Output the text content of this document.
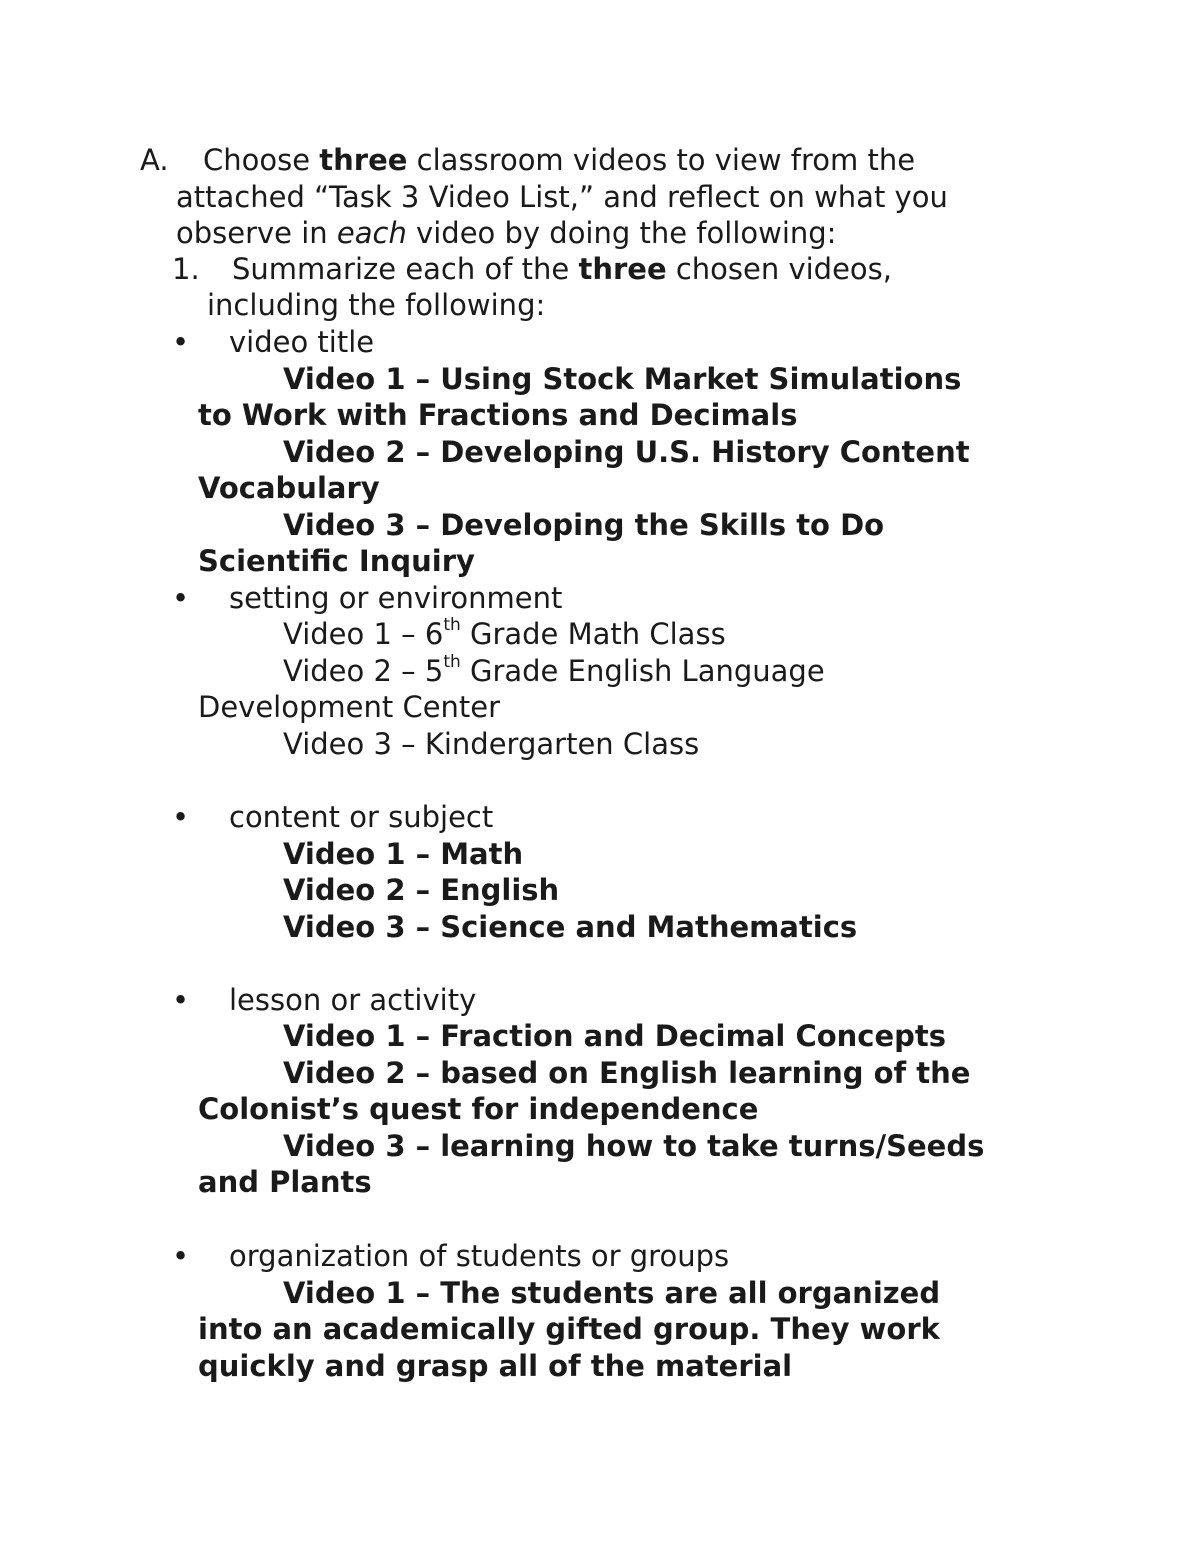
A. Choose three classroom videos to view from the
attached “Task 3 Video List,” and reflect on what you
observe in each video by doing the following:
1. Summarize each of the three chosen videos,
including the following:
• video title
Video 1 – Using Stock Market Simulations
to Work with Fractions and Decimals
Video 2 – Developing U.S. History Content
Vocabulary
Video 3 – Developing the Skills to Do
Scientific Inquiry
• setting or environment
Video 1 – 6th Grade Math Class
Video 2 – 5th Grade English Language
Development Center
Video 3 – Kindergarten Class
• content or subject
Video 1 – Math
Video 2 – English
Video 3 – Science and Mathematics
• lesson or activity
Video 1 – Fraction and Decimal Concepts
Video 2 – based on English learning of the
Colonist’s quest for independence
Video 3 – learning how to take turns/Seeds
and Plants
• organization of students or groups
Video 1 – The students are all organized
into an academically gifted group. They work
quickly and grasp all of the material
